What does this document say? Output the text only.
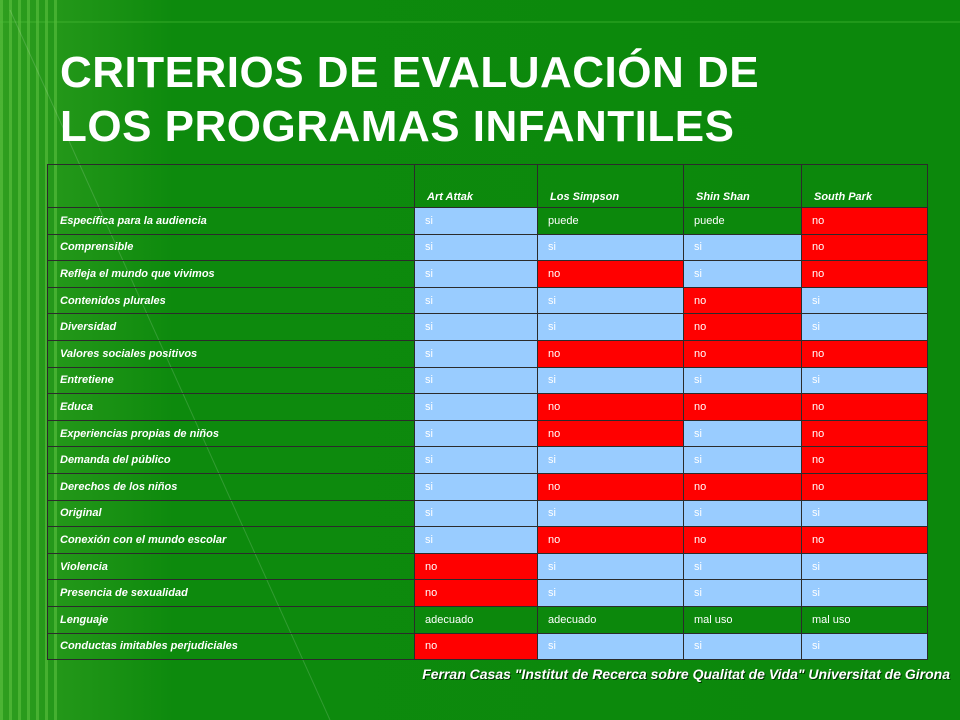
CRITERIOS DE EVALUACIÓN DE
LOS PROGRAMAS INFANTILES
	Art Attak	Los Simpson	Shin Shan	South Park
Específica para la audiencia	si	puede	puede	no
Comprensible	si	si	si	no
Refleja el mundo que vivimos	si	no	si	no
Contenidos plurales	si	si	no	si
Diversidad	si	si	no	si
Valores sociales positivos	si	no	no	no
Entretiene	si	si	si	si
Educa	si	no	no	no
Experiencias propias de niños	si	no	si	no
Demanda del público	si	si	si	no
Derechos de los niños	si	no	no	no
Original	si	si	si	si
Conexión con el mundo escolar	si	no	no	no
Violencia	no	si	si	si
Presencia de sexualidad	no	si	si	si
Lenguaje	adecuado	adecuado	mal uso	mal uso
Conductas imitables perjudiciales	no	si	si	si
Ferran Casas "Institut de Recerca sobre Qualitat de Vida" Universitat de Girona
